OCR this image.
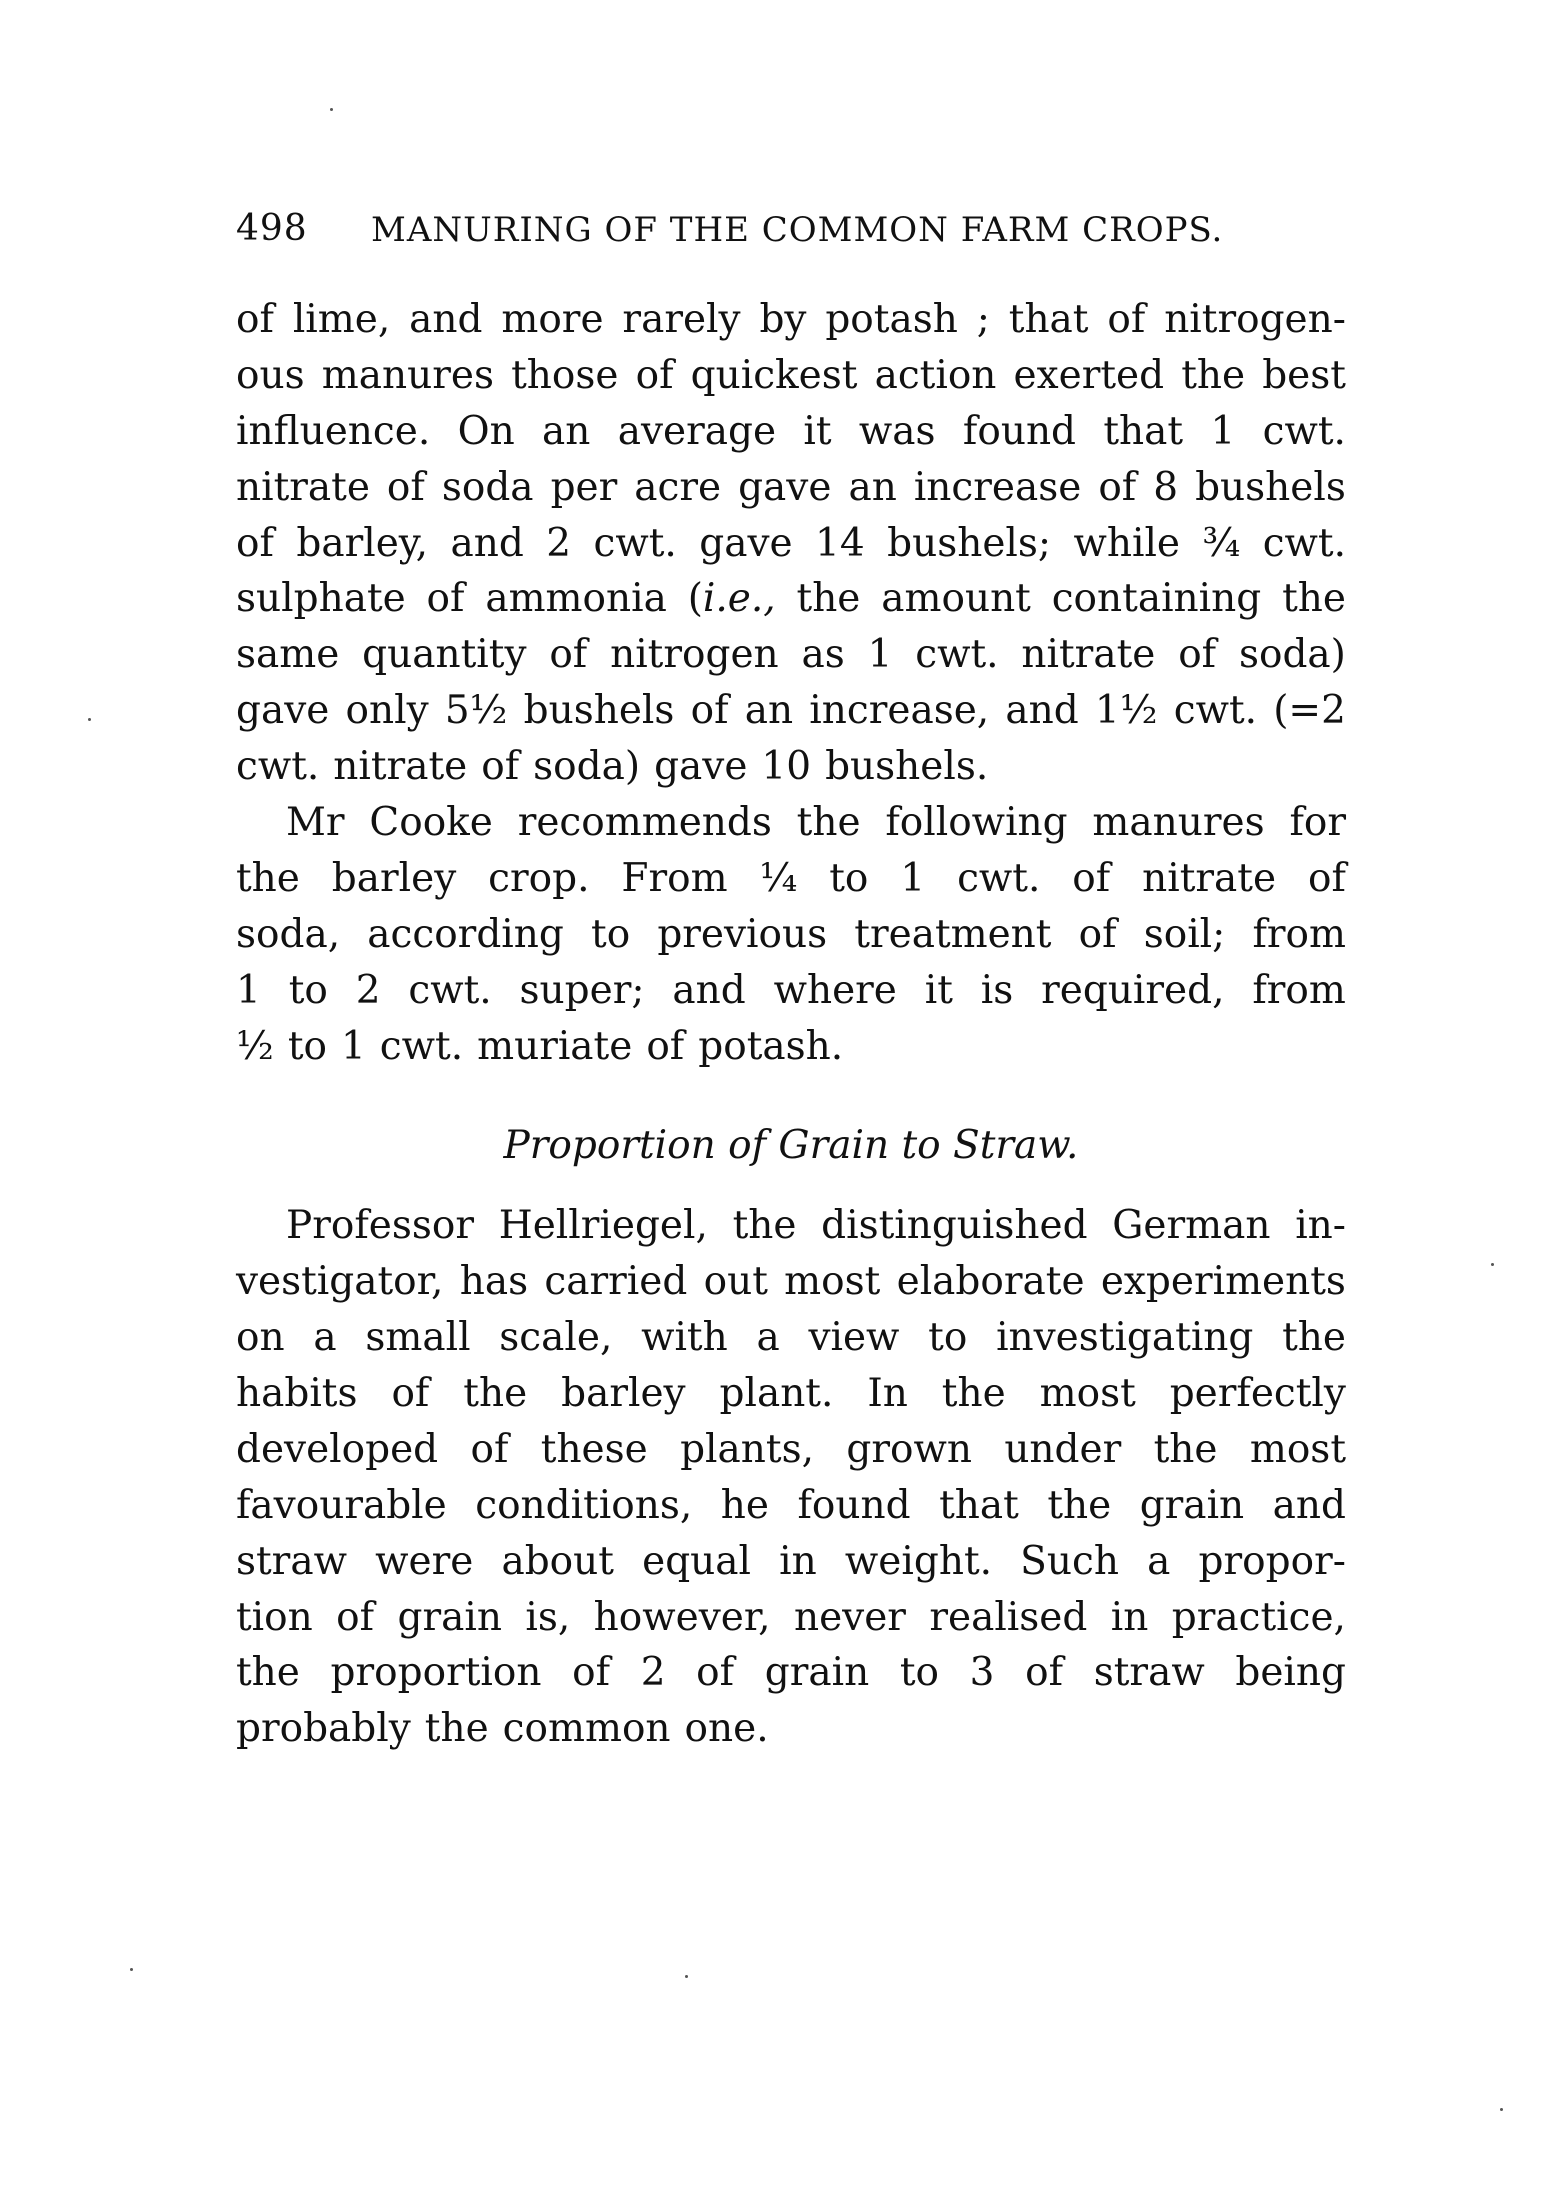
498 MANURING OF THE COMMON FARM CROPS.
of lime, and more rarely by potash ; that of nitrogen-
ous manures those of quickest action exerted the best
influence. On an average it was found that 1 cwt.
nitrate of soda per acre gave an increase of 8 bushels
of barley, and 2 cwt. gave 14 bushels; while ¾ cwt.
sulphate of ammonia (i.e., the amount containing the
same quantity of nitrogen as 1 cwt. nitrate of soda)
gave only 5½ bushels of an increase, and 1½ cwt. (=2
cwt. nitrate of soda) gave 10 bushels.
Mr Cooke recommends the following manures for
the barley crop. From ¼ to 1 cwt. of nitrate of
soda, according to previous treatment of soil; from
1 to 2 cwt. super; and where it is required, from
½ to 1 cwt. muriate of potash.
Proportion of Grain to Straw.
Professor Hellriegel, the distinguished German in-
vestigator, has carried out most elaborate experiments
on a small scale, with a view to investigating the
habits of the barley plant. In the most perfectly
developed of these plants, grown under the most
favourable conditions, he found that the grain and
straw were about equal in weight. Such a propor-
tion of grain is, however, never realised in practice,
the proportion of 2 of grain to 3 of straw being
probably the common one.
